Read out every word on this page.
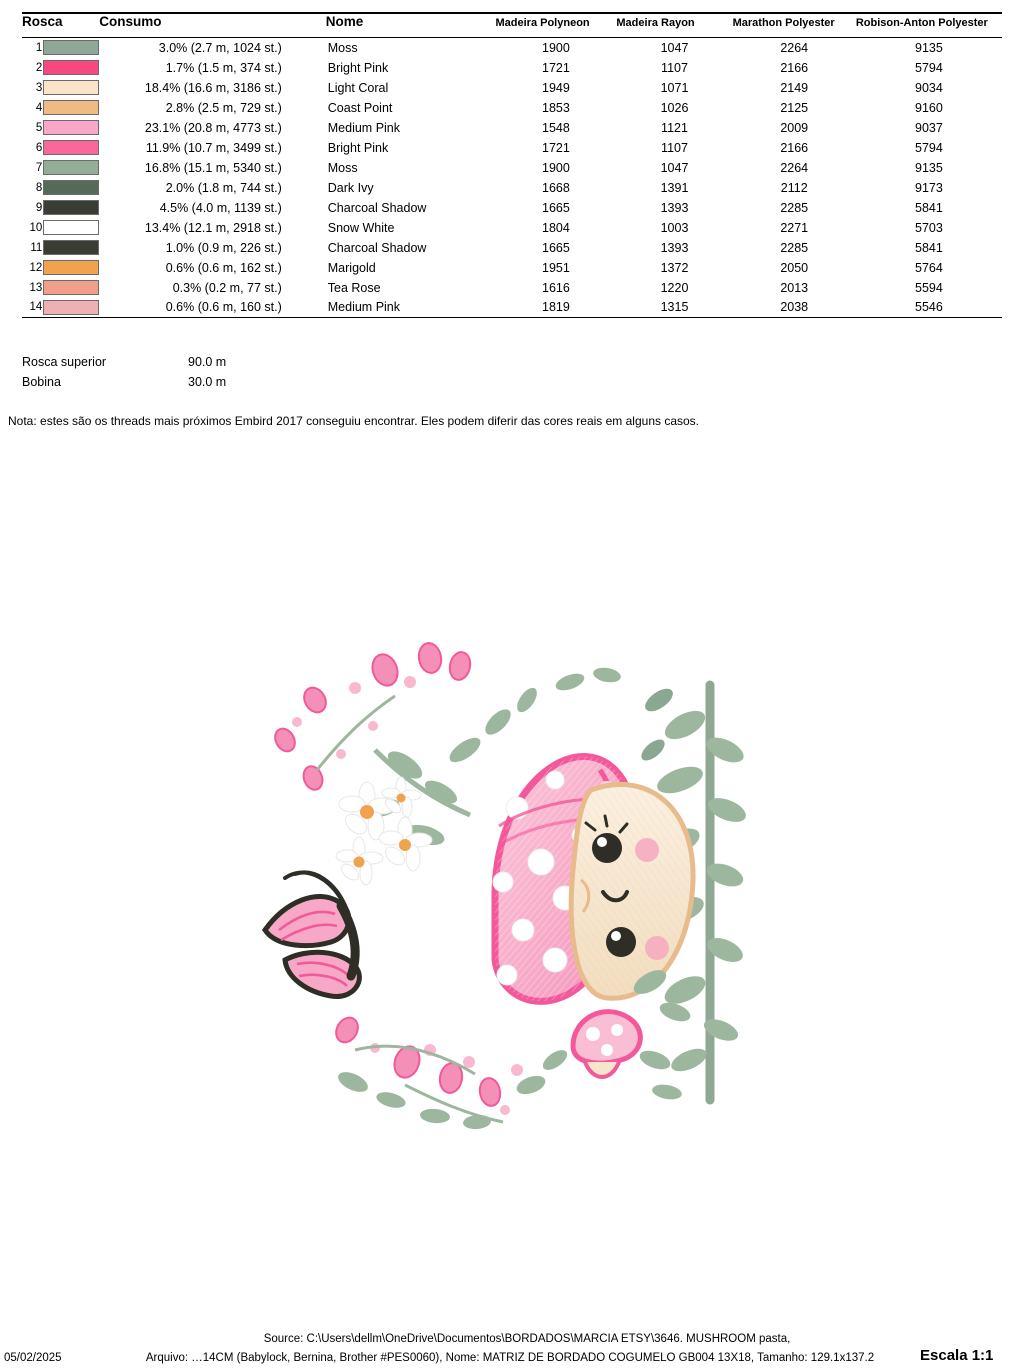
Rosca		Consumo	Nome	Madeira Polyneon	Madeira Rayon	Marathon Polyester	Robison-Anton Polyester
1		3.0% (2.7 m, 1024 st.)	Moss	1900	1047	2264	9135
2		1.7% (1.5 m, 374 st.)	Bright Pink	1721	1107	2166	5794
3		18.4% (16.6 m, 3186 st.)	Light Coral	1949	1071	2149	9034
4		2.8% (2.5 m, 729 st.)	Coast Point	1853	1026	2125	9160
5		23.1% (20.8 m, 4773 st.)	Medium Pink	1548	1121	2009	9037
6		11.9% (10.7 m, 3499 st.)	Bright Pink	1721	1107	2166	5794
7		16.8% (15.1 m, 5340 st.)	Moss	1900	1047	2264	9135
8		2.0% (1.8 m, 744 st.)	Dark Ivy	1668	1391	2112	9173
9		4.5% (4.0 m, 1139 st.)	Charcoal Shadow	1665	1393	2285	5841
10		13.4% (12.1 m, 2918 st.)	Snow White	1804	1003	2271	5703
11		1.0% (0.9 m, 226 st.)	Charcoal Shadow	1665	1393	2285	5841
12		0.6% (0.6 m, 162 st.)	Marigold	1951	1372	2050	5764
13		0.3% (0.2 m, 77 st.)	Tea Rose	1616	1220	2013	5594
14		0.6% (0.6 m, 160 st.)	Medium Pink	1819	1315	2038	5546

Rosca superior	90.0 m
Bobina	30.0 m
Nota: estes são os threads mais próximos Embird 2017 conseguiu encontrar. Eles podem diferir das cores reais em alguns casos.
Source: C:\Users\dellm\OneDrive\Documentos\BORDADOS\MARCIA ETSY\3646. MUSHROOM pasta,
05/02/2025	Arquivo: …14CM (Babylock, Bernina, Brother #PES0060), Nome: MATRIZ DE BORDADO COGUMELO GB004 13X18, Tamanho: 129.1x137.2	Escala 1:1
